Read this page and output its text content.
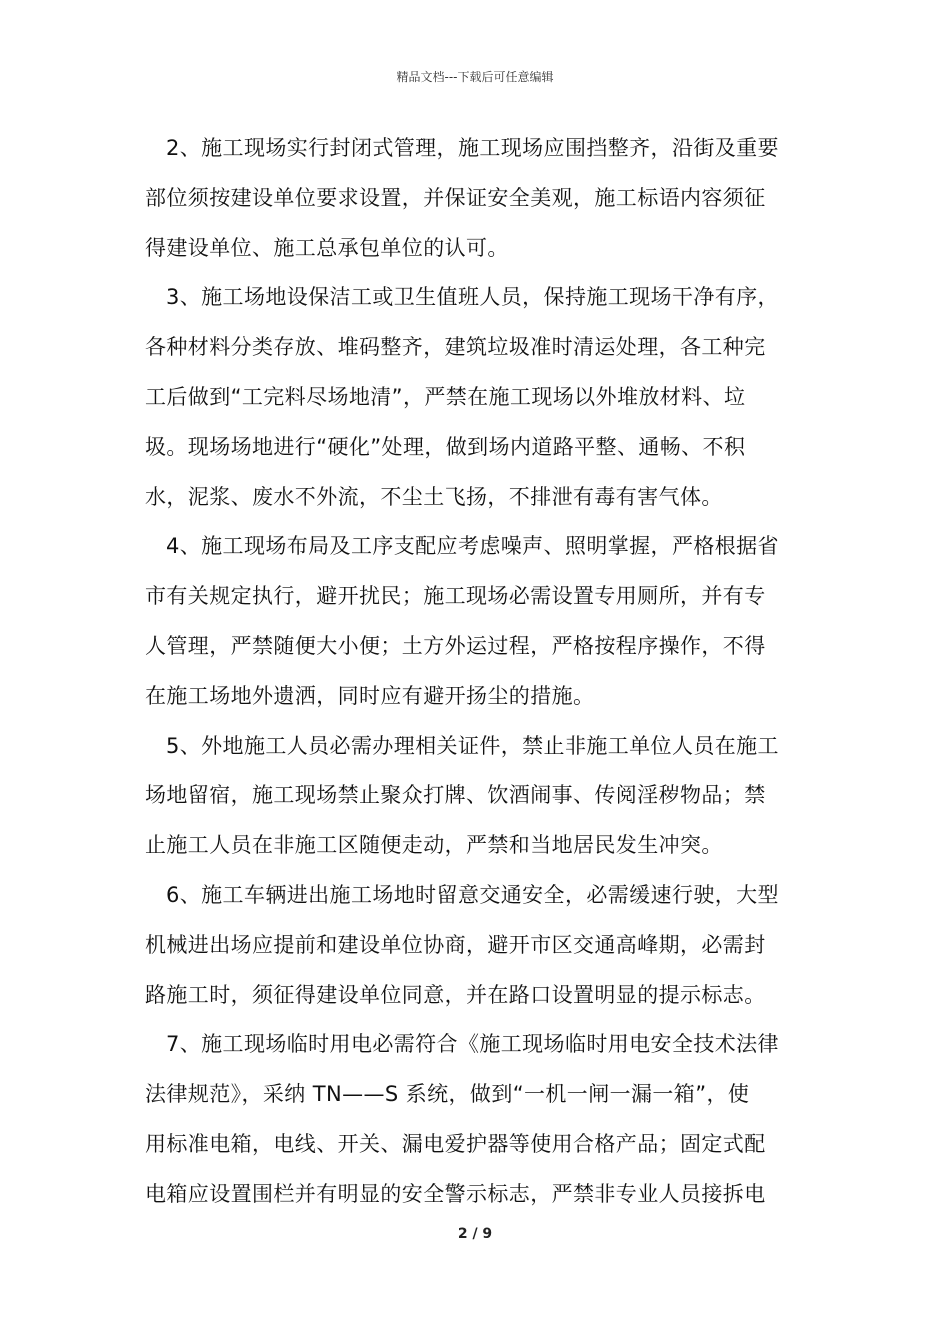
精品文档---下载后可任意编辑
2、施工现场实行封闭式管理，施工现场应围挡整齐，沿街及重要
部位须按建设单位要求设置，并保证安全美观，施工标语内容须征
得建设单位、施工总承包单位的认可。
3、施工场地设保洁工或卫生值班人员，保持施工现场干净有序，
各种材料分类存放、堆码整齐，建筑垃圾准时清运处理，各工种完
工后做到“工完料尽场地清”，严禁在施工现场以外堆放材料、垃
圾。现场场地进行“硬化”处理，做到场内道路平整、通畅、不积
水，泥浆、废水不外流，不尘土飞扬，不排泄有毒有害气体。
4、施工现场布局及工序支配应考虑噪声、照明掌握，严格根据省
市有关规定执行，避开扰民；施工现场必需设置专用厕所，并有专
人管理，严禁随便大小便；土方外运过程，严格按程序操作，不得
在施工场地外遗洒，同时应有避开扬尘的措施。
5、外地施工人员必需办理相关证件，禁止非施工单位人员在施工
场地留宿，施工现场禁止聚众打牌、饮酒闹事、传阅淫秽物品；禁
止施工人员在非施工区随便走动，严禁和当地居民发生冲突。
6、施工车辆进出施工场地时留意交通安全，必需缓速行驶，大型
机械进出场应提前和建设单位协商，避开市区交通高峰期，必需封
路施工时，须征得建设单位同意，并在路口设置明显的提示标志。
7、施工现场临时用电必需符合《施工现场临时用电安全技术法律
法律规范》，采纳 TN——S 系统，做到“一机一闸一漏一箱”，使
用标准电箱，电线、开关、漏电爱护器等使用合格产品；固定式配
电箱应设置围栏并有明显的安全警示标志，严禁非专业人员接拆电
2 / 9
